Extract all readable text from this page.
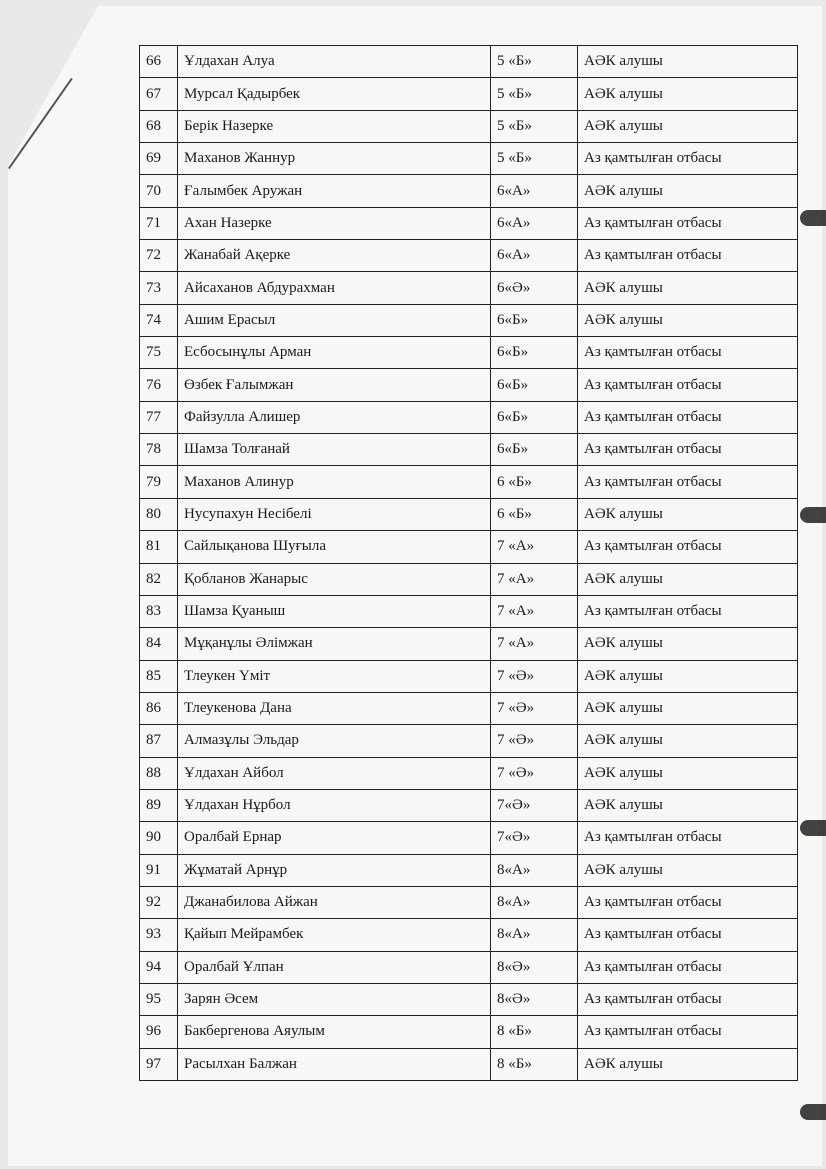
66	Ұлдахан Алуа	5 «Б»	АӘК алушы
67	Мурсал Қадырбек	5 «Б»	АӘК алушы
68	Берік Назерке	5 «Б»	АӘК алушы
69	Маханов Жаннур	5 «Б»	Аз қамтылған отбасы
70	Ғалымбек Аружан	6«А»	АӘК алушы
71	Ахан Назерке	6«А»	Аз қамтылған отбасы
72	Жанабай Ақерке	6«А»	Аз қамтылған отбасы
73	Айсаханов Абдурахман	6«Ә»	АӘК алушы
74	Ашим Ерасыл	6«Б»	АӘК алушы
75	Есбосынұлы Арман	6«Б»	Аз қамтылған отбасы
76	Өзбек Ғалымжан	6«Б»	Аз қамтылған отбасы
77	Файзулла Алишер	6«Б»	Аз қамтылған отбасы
78	Шамза Толғанай	6«Б»	Аз қамтылған отбасы
79	Маханов Алинур	6 «Б»	Аз қамтылған отбасы
80	Нусупахун Несібелі	6 «Б»	АӘК алушы
81	Сайлықанова Шуғыла	7 «А»	Аз қамтылған отбасы
82	Қобланов Жанарыс	7 «А»	АӘК алушы
83	Шамза Қуаныш	7 «А»	Аз қамтылған отбасы
84	Мұқанұлы Әлімжан	7 «А»	АӘК алушы
85	Тлеукен Үміт	7 «Ә»	АӘК алушы
86	Тлеукенова Дана	7 «Ә»	АӘК алушы
87	Алмазұлы Эльдар	7 «Ә»	АӘК алушы
88	Ұлдахан Айбол	7 «Ә»	АӘК алушы
89	Ұлдахан Нұрбол	7«Ә»	АӘК алушы
90	Оралбай Ернар	7«Ә»	Аз қамтылған отбасы
91	Жұматай Арнұр	8«А»	АӘК алушы
92	Джанабилова Айжан	8«А»	Аз қамтылған отбасы
93	Қайып Мейрамбек	8«А»	Аз қамтылған отбасы
94	Оралбай Ұлпан	8«Ә»	Аз қамтылған отбасы
95	Зарян Әсем	8«Ә»	Аз қамтылған отбасы
96	Бакбергенова Аяулым	8 «Б»	Аз қамтылған отбасы
97	Расылхан Балжан	8 «Б»	АӘК алушы
